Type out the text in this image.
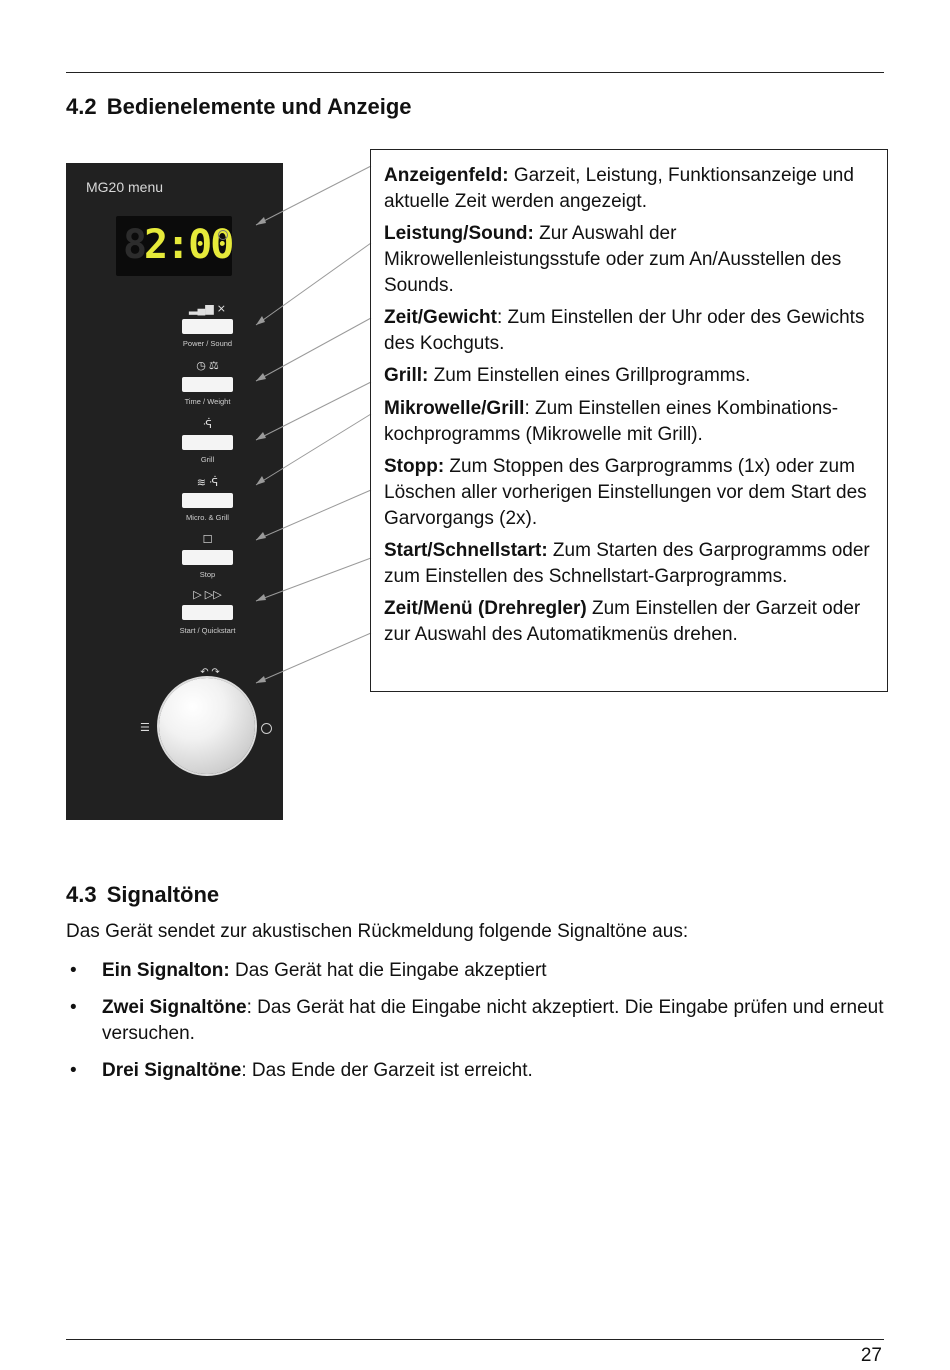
4.2 Bedienelemente und Anzeige
MG20 menu
8
2:00
▂▄▆ ⨯
Power / Sound
◷ ⚖
Time / Weight
ᕎ
Grill
≋ ᕎ
Micro. & Grill
☐
Stop
▷ ▷▷
Start / Quickstart
↶ ↷
☰
Anzeigenfeld: Garzeit, Leistung, Funktionsanzeige und aktuelle Zeit werden angezeigt.
Leistung/Sound: Zur Auswahl der Mikrowellenleistungsstufe oder zum An/Ausstellen des Sounds.
Zeit/Gewicht: Zum Einstellen der Uhr oder des Gewichts des Kochguts.
Grill: Zum Einstellen eines Grillprogramms.
Mikrowelle/Grill: Zum Einstellen eines Kombinations-kochprogramms (Mikrowelle mit Grill).
Stopp: Zum Stoppen des Garprogramms (1x) oder zum Löschen aller vorherigen Einstellungen vor dem Start des Garvorgangs (2x).
Start/Schnellstart: Zum Starten des Garprogramms oder zum Einstellen des Schnellstart-Garprogramms.
Zeit/Menü (Drehregler) Zum Einstellen der Garzeit oder zur Auswahl des Automatikmenüs drehen.
4.3 Signaltöne
Das Gerät sendet zur akustischen Rückmeldung folgende Signaltöne aus:
• Ein Signalton: Das Gerät hat die Eingabe akzeptiert
• Zwei Signaltöne: Das Gerät hat die Eingabe nicht akzeptiert. Die Eingabe prüfen und erneut versuchen.
• Drei Signaltöne: Das Ende der Garzeit ist erreicht.
27
